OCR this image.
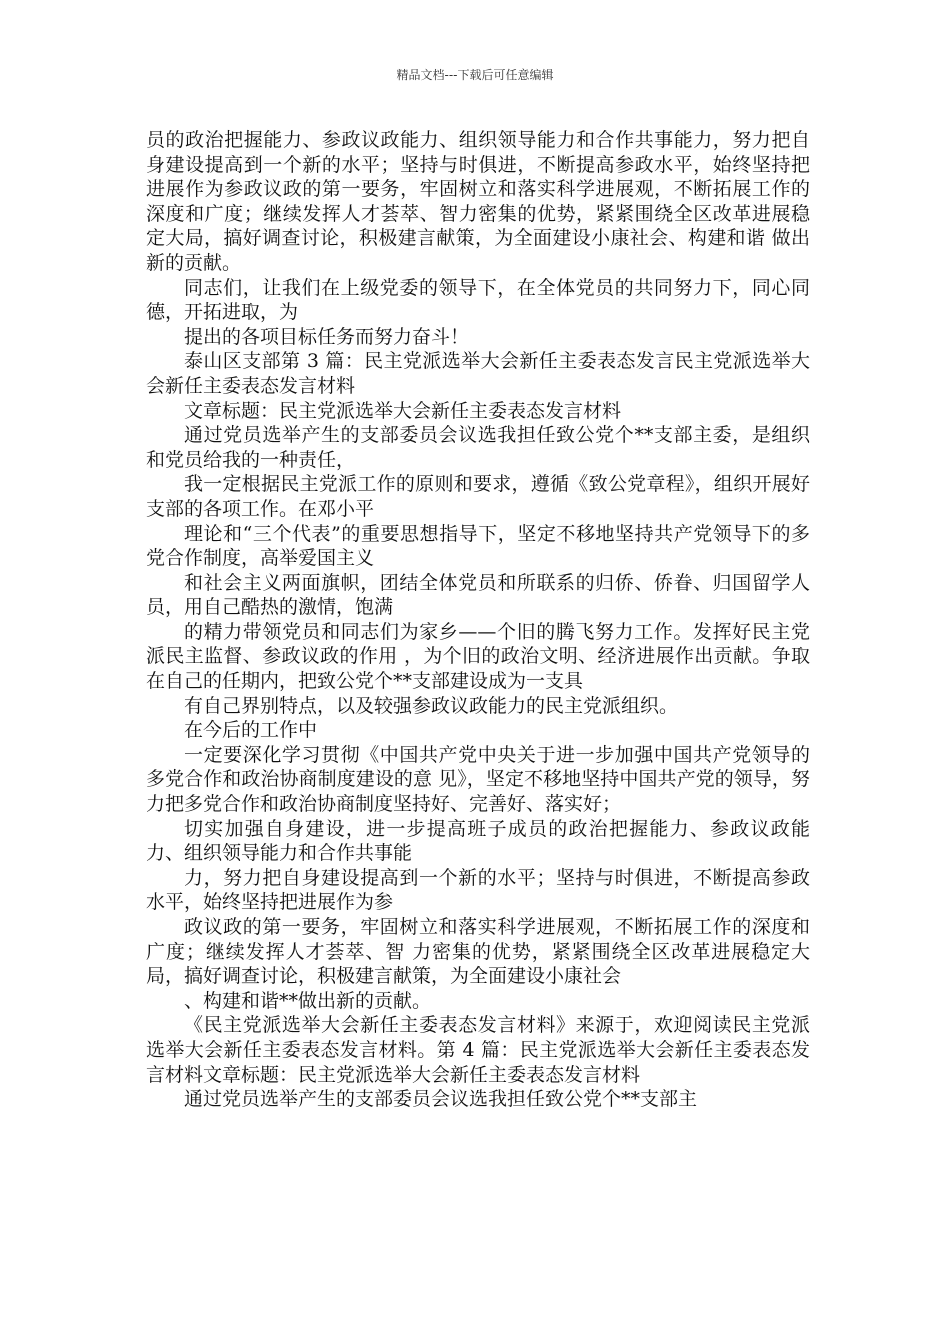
精品文档---下载后可任意编辑

员的政治把握能力、参政议政能力、组织领导能力和合作共事能力，努力把自身建设提高到一个新的水平；坚持与时俱进，不断提高参政水平，始终坚持把进展作为参政议政的第一要务，牢固树立和落实科学进展观，不断拓展工作的深度和广度；继续发挥人才荟萃、智力密集的优势，紧紧围绕全区改革进展稳定大局，搞好调查讨论，积极建言献策，为全面建设小康社会、构建和谐 做出新的贡献。

同志们，让我们在上级党委的领导下，在全体党员的共同努力下，同心同德，开拓进取，为

提出的各项目标任务而努力奋斗！

泰山区支部第 3 篇：民主党派选举大会新任主委表态发言民主党派选举大会新任主委表态发言材料

文章标题：民主党派选举大会新任主委表态发言材料

通过党员选举产生的支部委员会议选我担任致公党个**支部主委，是组织和党员给我的一种责任，

我一定根据民主党派工作的原则和要求，遵循《致公党章程》，组织开展好支部的各项工作。在邓小平

理论和“三个代表”的重要思想指导下，坚定不移地坚持共产党领导下的多党合作制度，高举爱国主义

和社会主义两面旗帜，团结全体党员和所联系的归侨、侨眷、归国留学人员，用自己酷热的激情，饱满

的精力带领党员和同志们为家乡——个旧的腾飞努力工作。发挥好民主党派民主监督、参政议政的作用 ，为个旧的政治文明、经济进展作出贡献。争取在自己的任期内，把致公党个**支部建设成为一支具

有自己界别特点，以及较强参政议政能力的民主党派组织。

在今后的工作中

一定要深化学习贯彻《中国共产党中央关于进一步加强中国共产党领导的多党合作和政治协商制度建设的意 见》，坚定不移地坚持中国共产党的领导，努力把多党合作和政治协商制度坚持好、完善好、落实好；

切实加强自身建设，进一步提高班子成员的政治把握能力、参政议政能力、组织领导能力和合作共事能

力，努力把自身建设提高到一个新的水平；坚持与时俱进，不断提高参政水平，始终坚持把进展作为参

政议政的第一要务，牢固树立和落实科学进展观，不断拓展工作的深度和广度；继续发挥人才荟萃、智 力密集的优势，紧紧围绕全区改革进展稳定大局，搞好调查讨论，积极建言献策，为全面建设小康社会

、构建和谐**做出新的贡献。

《民主党派选举大会新任主委表态发言材料》来源于，欢迎阅读民主党派选举大会新任主委表态发言材料。第 4 篇：民主党派选举大会新任主委表态发言材料文章标题：民主党派选举大会新任主委表态发言材料

通过党员选举产生的支部委员会议选我担任致公党个**支部主
